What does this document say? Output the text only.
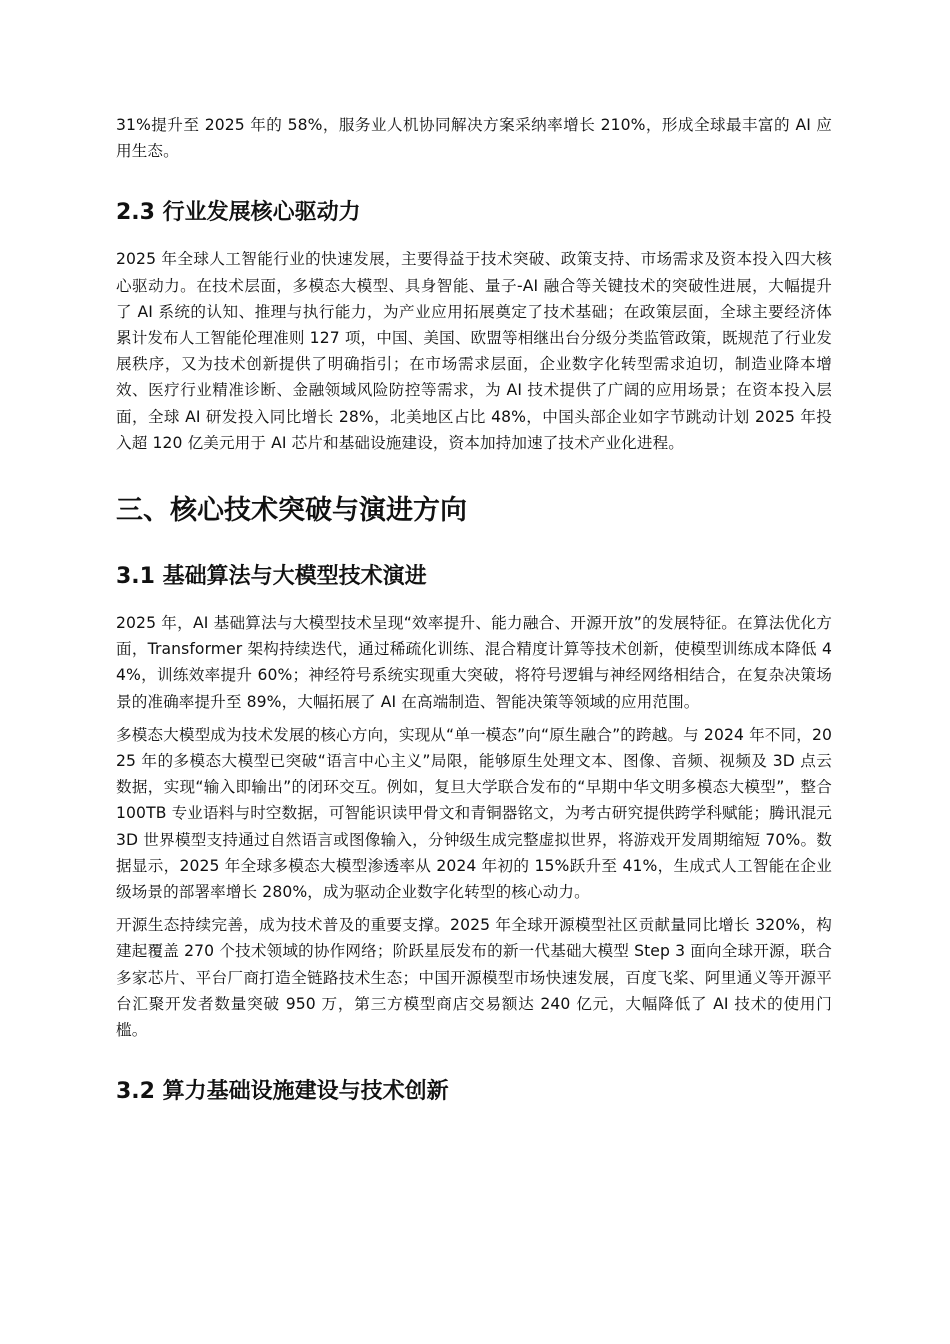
31%提升至 2025 年的 58%，服务业人机协同解决方案采纳率增长 210%，形成全球最丰富的 AI 应用生态。

2.3 行业发展核心驱动力

2025 年全球人工智能行业的快速发展，主要得益于技术突破、政策支持、市场需求及资本投入四大核心驱动力。在技术层面，多模态大模型、具身智能、量子-AI 融合等关键技术的突破性进展，大幅提升了 AI 系统的认知、推理与执行能力，为产业应用拓展奠定了技术基础；在政策层面，全球主要经济体累计发布人工智能伦理准则 127 项，中国、美国、欧盟等相继出台分级分类监管政策，既规范了行业发展秩序，又为技术创新提供了明确指引；在市场需求层面，企业数字化转型需求迫切，制造业降本增效、医疗行业精准诊断、金融领域风险防控等需求，为 AI 技术提供了广阔的应用场景；在资本投入层面，全球 AI 研发投入同比增长 28%，北美地区占比 48%，中国头部企业如字节跳动计划 2025 年投入超 120 亿美元用于 AI 芯片和基础设施建设，资本加持加速了技术产业化进程。

三、核心技术突破与演进方向
3.1 基础算法与大模型技术演进

2025 年，AI 基础算法与大模型技术呈现“效率提升、能力融合、开源开放”的发展特征。在算法优化方面，Transformer 架构持续迭代，通过稀疏化训练、混合精度计算等技术创新，使模型训练成本降低 44%，训练效率提升 60%；神经符号系统实现重大突破，将符号逻辑与神经网络相结合，在复杂决策场景的准确率提升至 89%，大幅拓展了 AI 在高端制造、智能决策等领域的应用范围。

多模态大模型成为技术发展的核心方向，实现从“单一模态”向“原生融合”的跨越。与 2024 年不同，2025 年的多模态大模型已突破“语言中心主义”局限，能够原生处理文本、图像、音频、视频及 3D 点云数据，实现“输入即输出”的闭环交互。例如，复旦大学联合发布的“早期中华文明多模态大模型”，整合 100TB 专业语料与时空数据，可智能识读甲骨文和青铜器铭文，为考古研究提供跨学科赋能；腾讯混元 3D 世界模型支持通过自然语言或图像输入，分钟级生成完整虚拟世界，将游戏开发周期缩短 70%。数据显示，2025 年全球多模态大模型渗透率从 2024 年初的 15%跃升至 41%，生成式人工智能在企业级场景的部署率增长 280%，成为驱动企业数字化转型的核心动力。

开源生态持续完善，成为技术普及的重要支撑。2025 年全球开源模型社区贡献量同比增长 320%，构建起覆盖 270 个技术领域的协作网络；阶跃星辰发布的新一代基础大模型 Step 3 面向全球开源，联合多家芯片、平台厂商打造全链路技术生态；中国开源模型市场快速发展，百度飞桨、阿里通义等开源平台汇聚开发者数量突破 950 万，第三方模型商店交易额达 240 亿元，大幅降低了 AI 技术的使用门槛。

3.2 算力基础设施建设与技术创新
